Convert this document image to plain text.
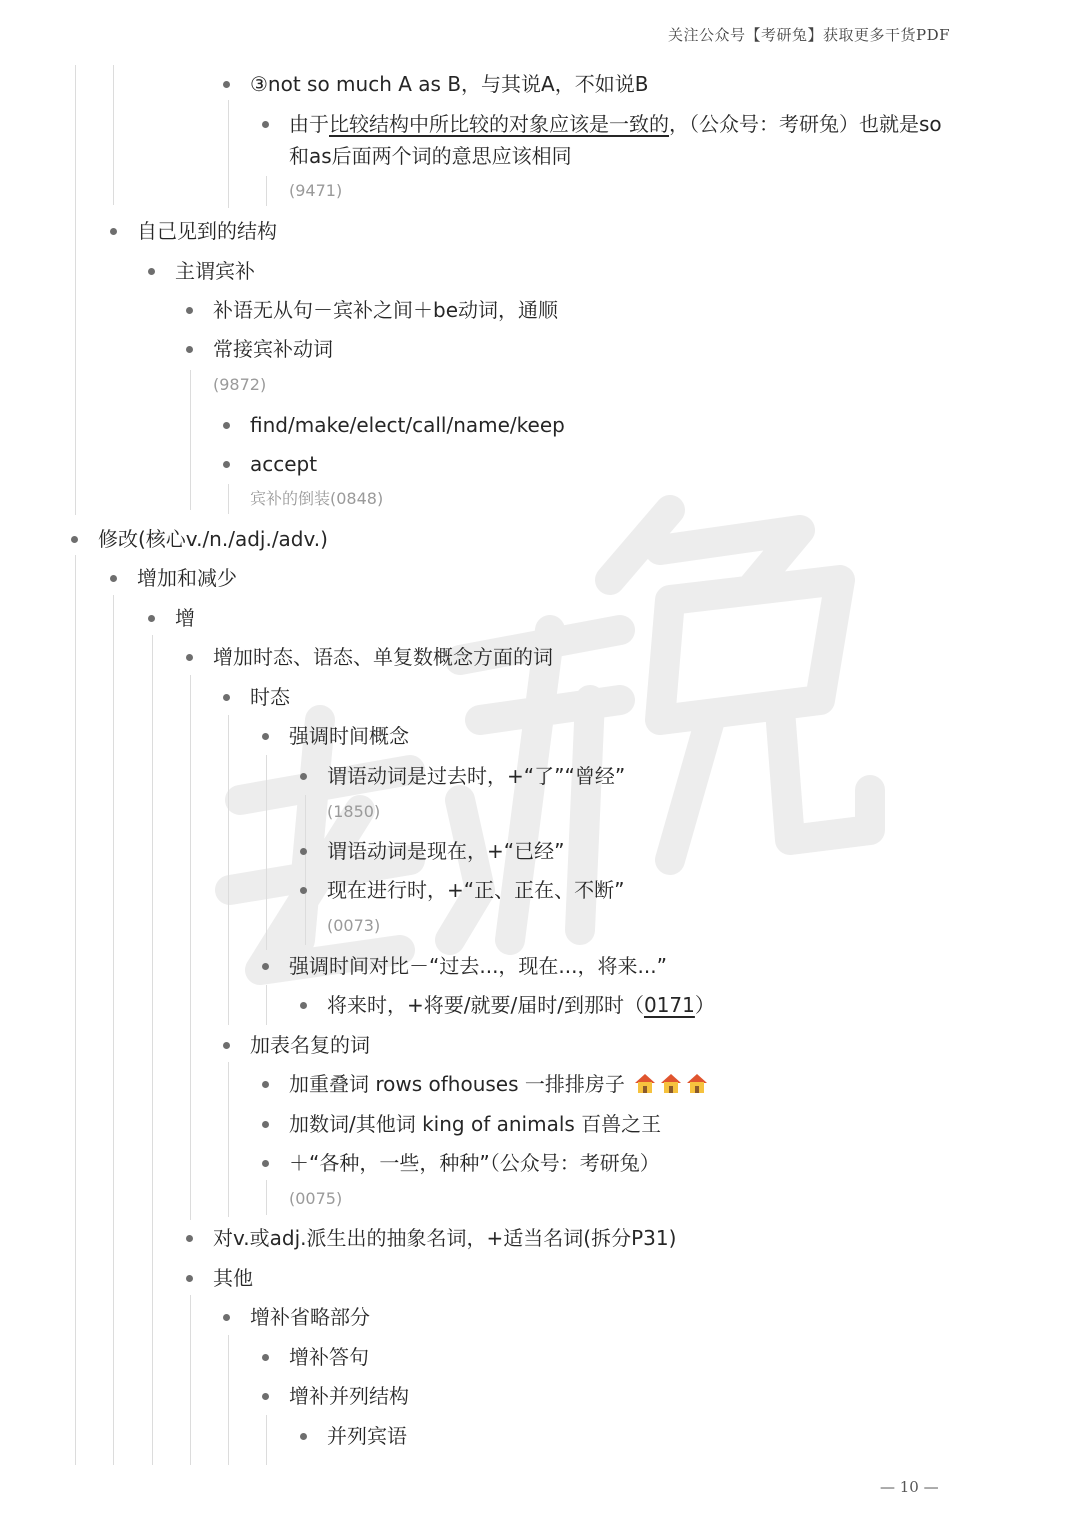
关注公众号【考研兔】获取更多干货PDF
③not so much A as B，与其说A，不如说B
由于比较结构中所比较的对象应该是一致的，（公众号：考研兔）也就是so
和as后面两个词的意思应该相同
(9471)
自己见到的结构
主谓宾补
补语无从句－宾补之间＋be动词，通顺
常接宾补动词
(9872)
find/make/elect/call/name/keep
accept
宾补的倒装(0848)
修改(核心v./n./adj./adv.)
增加和减少
增
增加时态、语态、单复数概念方面的词
时态
强调时间概念
谓语动词是过去时，+“了”“曾经”
(1850)
谓语动词是现在，+“已经”
现在进行时，+“正、正在、不断”
(0073)
强调时间对比－“过去...，现在...，将来...”
将来时，+将要/就要/届时/到那时（0171）
加表名复的词
加重叠词 rows ofhouses 一排排房子
加数词/其他词 king of animals 百兽之王
＋“各种，一些，种种”（公众号：考研兔）
(0075)
对v.或adj.派生出的抽象名词，+适当名词(拆分P31)
其他
增补省略部分
增补答句
增补并列结构
并列宾语
— 10 —
